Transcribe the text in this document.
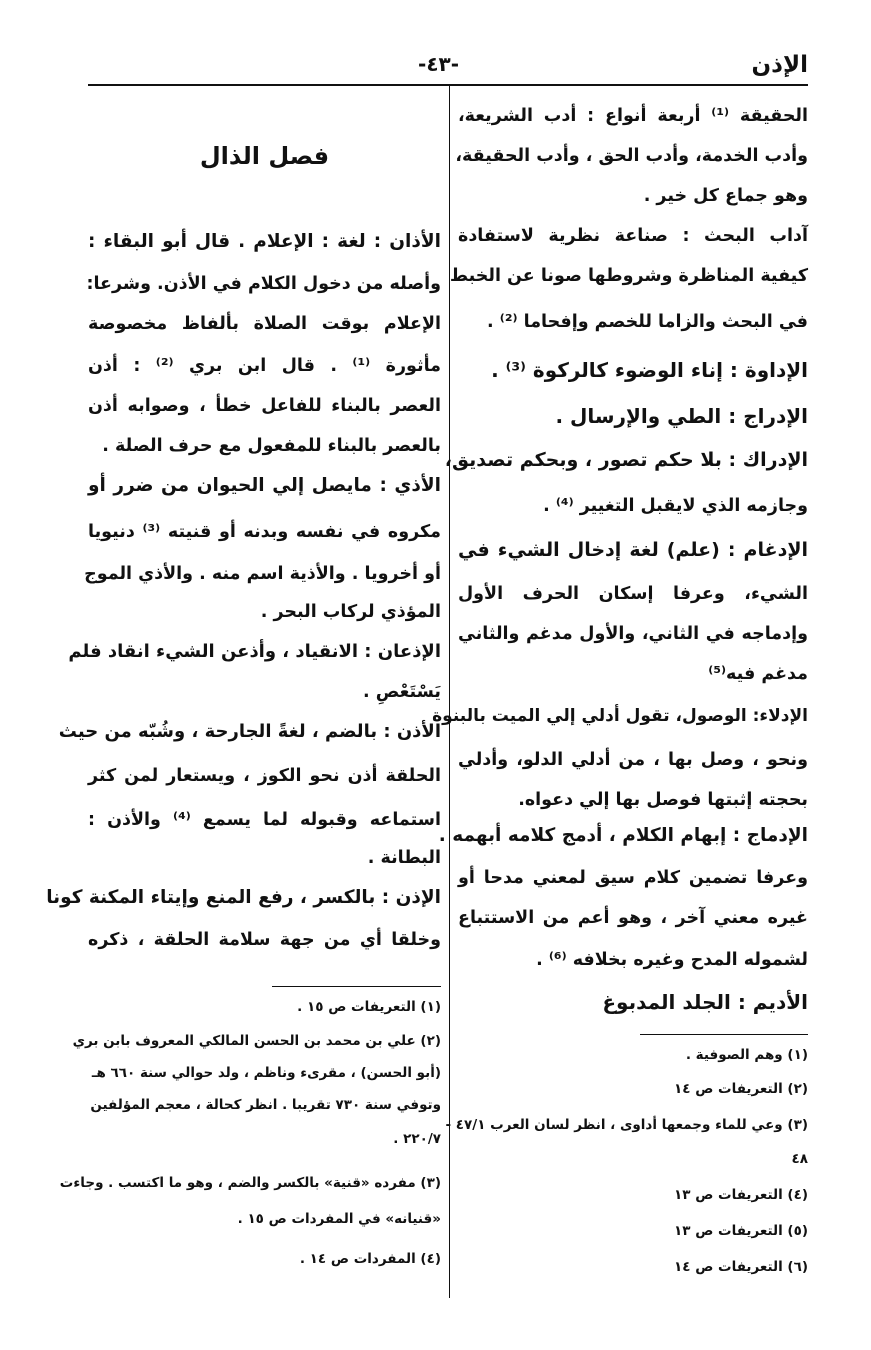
الإذن
-٤٣-
الحقيقة ⁽¹⁾ أربعة أنواع : أدب الشريعة،
وأدب الخدمة، وأدب الحق ، وأدب الحقيقة،
وهو جماع كل خير .
آداب البحث : صناعة نظرية لاستفادة
كيفية المناظرة وشروطها صونا عن الخبط
في البحث والزاما للخصم وإفحاما ⁽²⁾ .
الإداوة : إناء الوضوء كالركوة ⁽³⁾ .
الإدراج : الطي والإرسال .
الإدراك : بلا حكم تصور ، وبحكم تصديق،
وجازمه الذي لايقبل التغيير ⁽⁴⁾ .
الإدغام : (علم) لغة إدخال الشيء في
الشيء، وعرفا إسكان الحرف الأول
وإدماجه في الثاني، والأول مدغم والثاني
مدغم فيه⁽⁵⁾
الإدلاء: الوصول، تقول أدلي إلي الميت بالبنوة
ونحو ، وصل بها ، من أدلي الدلو، وأدلي
بحجته إثبتها فوصل بها إلي دعواه.
الإدماج : إبهام الكلام ، أدمج كلامه أبهمه .
وعرفا تضمين كلام سيق لمعني مدحا أو
غيره معني آخر ، وهو أعم من الاستتباع
لشموله المدح وغيره بخلافه ⁽⁶⁾ .
الأديم : الجلد المدبوغ
(١) وهم الصوفية .
(٢) التعريفات ص ١٤
(٣) وعي للماء وجمعها أداوى ، انظر لسان العرب ٤٧/١ -
٤٨
(٤) التعريفات ص ١٣
(٥) التعريفات ص ١٣
(٦) التعريفات ص ١٤
فصل الذال
الأذان : لغة : الإعلام . قال أبو البقاء :
وأصله من دخول الكلام في الأذن. وشرعا:
الإعلام بوقت الصلاة بألفاظ مخصوصة
مأثورة ⁽¹⁾ . قال ابن بري ⁽²⁾ : أذن
العصر بالبناء للفاعل خطأ ، وصوابه أذن
بالعصر بالبناء للمفعول مع حرف الصلة .
الأذي : مايصل إلي الحيوان من ضرر أو
مكروه في نفسه وبدنه أو قنيته ⁽³⁾ دنيويا
أو أخرويا . والأذية اسم منه . والأذي الموج
المؤذي لركاب البحر .
الإذعان : الانقياد ، وأذعن الشيء انقاد فلم
يَسْتَعْصِ .
الأذن : بالضم ، لغةً الجارحة ، وشُبّه من حيث
الحلقة أذن نحو الكوز ، ويستعار لمن كثر
استماعه وقبوله لما يسمع ⁽⁴⁾ والأذن :
البطانة .
الإذن : بالكسر ، رفع المنع وإيتاء المكنة كونا
وخلقا أي من جهة سلامة الحلقة ، ذكره
(١) التعريفات ص ١٥ .
(٢) علي بن محمد بن الحسن المالكي المعروف بابن بري
(أبو الحسن) ، مقرىء وناظم ، ولد حوالي سنة ٦٦٠ هـ
وتوفي سنة ٧٣٠ تقريبا . انظر كحالة ، معجم المؤلفين
٢٢٠/٧ .
(٣) مفرده «قنية» بالكسر والضم ، وهو ما اكتسب . وجاءت
«قنيانه» في المفردات ص ١٥ .
(٤) المفردات ص ١٤ .
